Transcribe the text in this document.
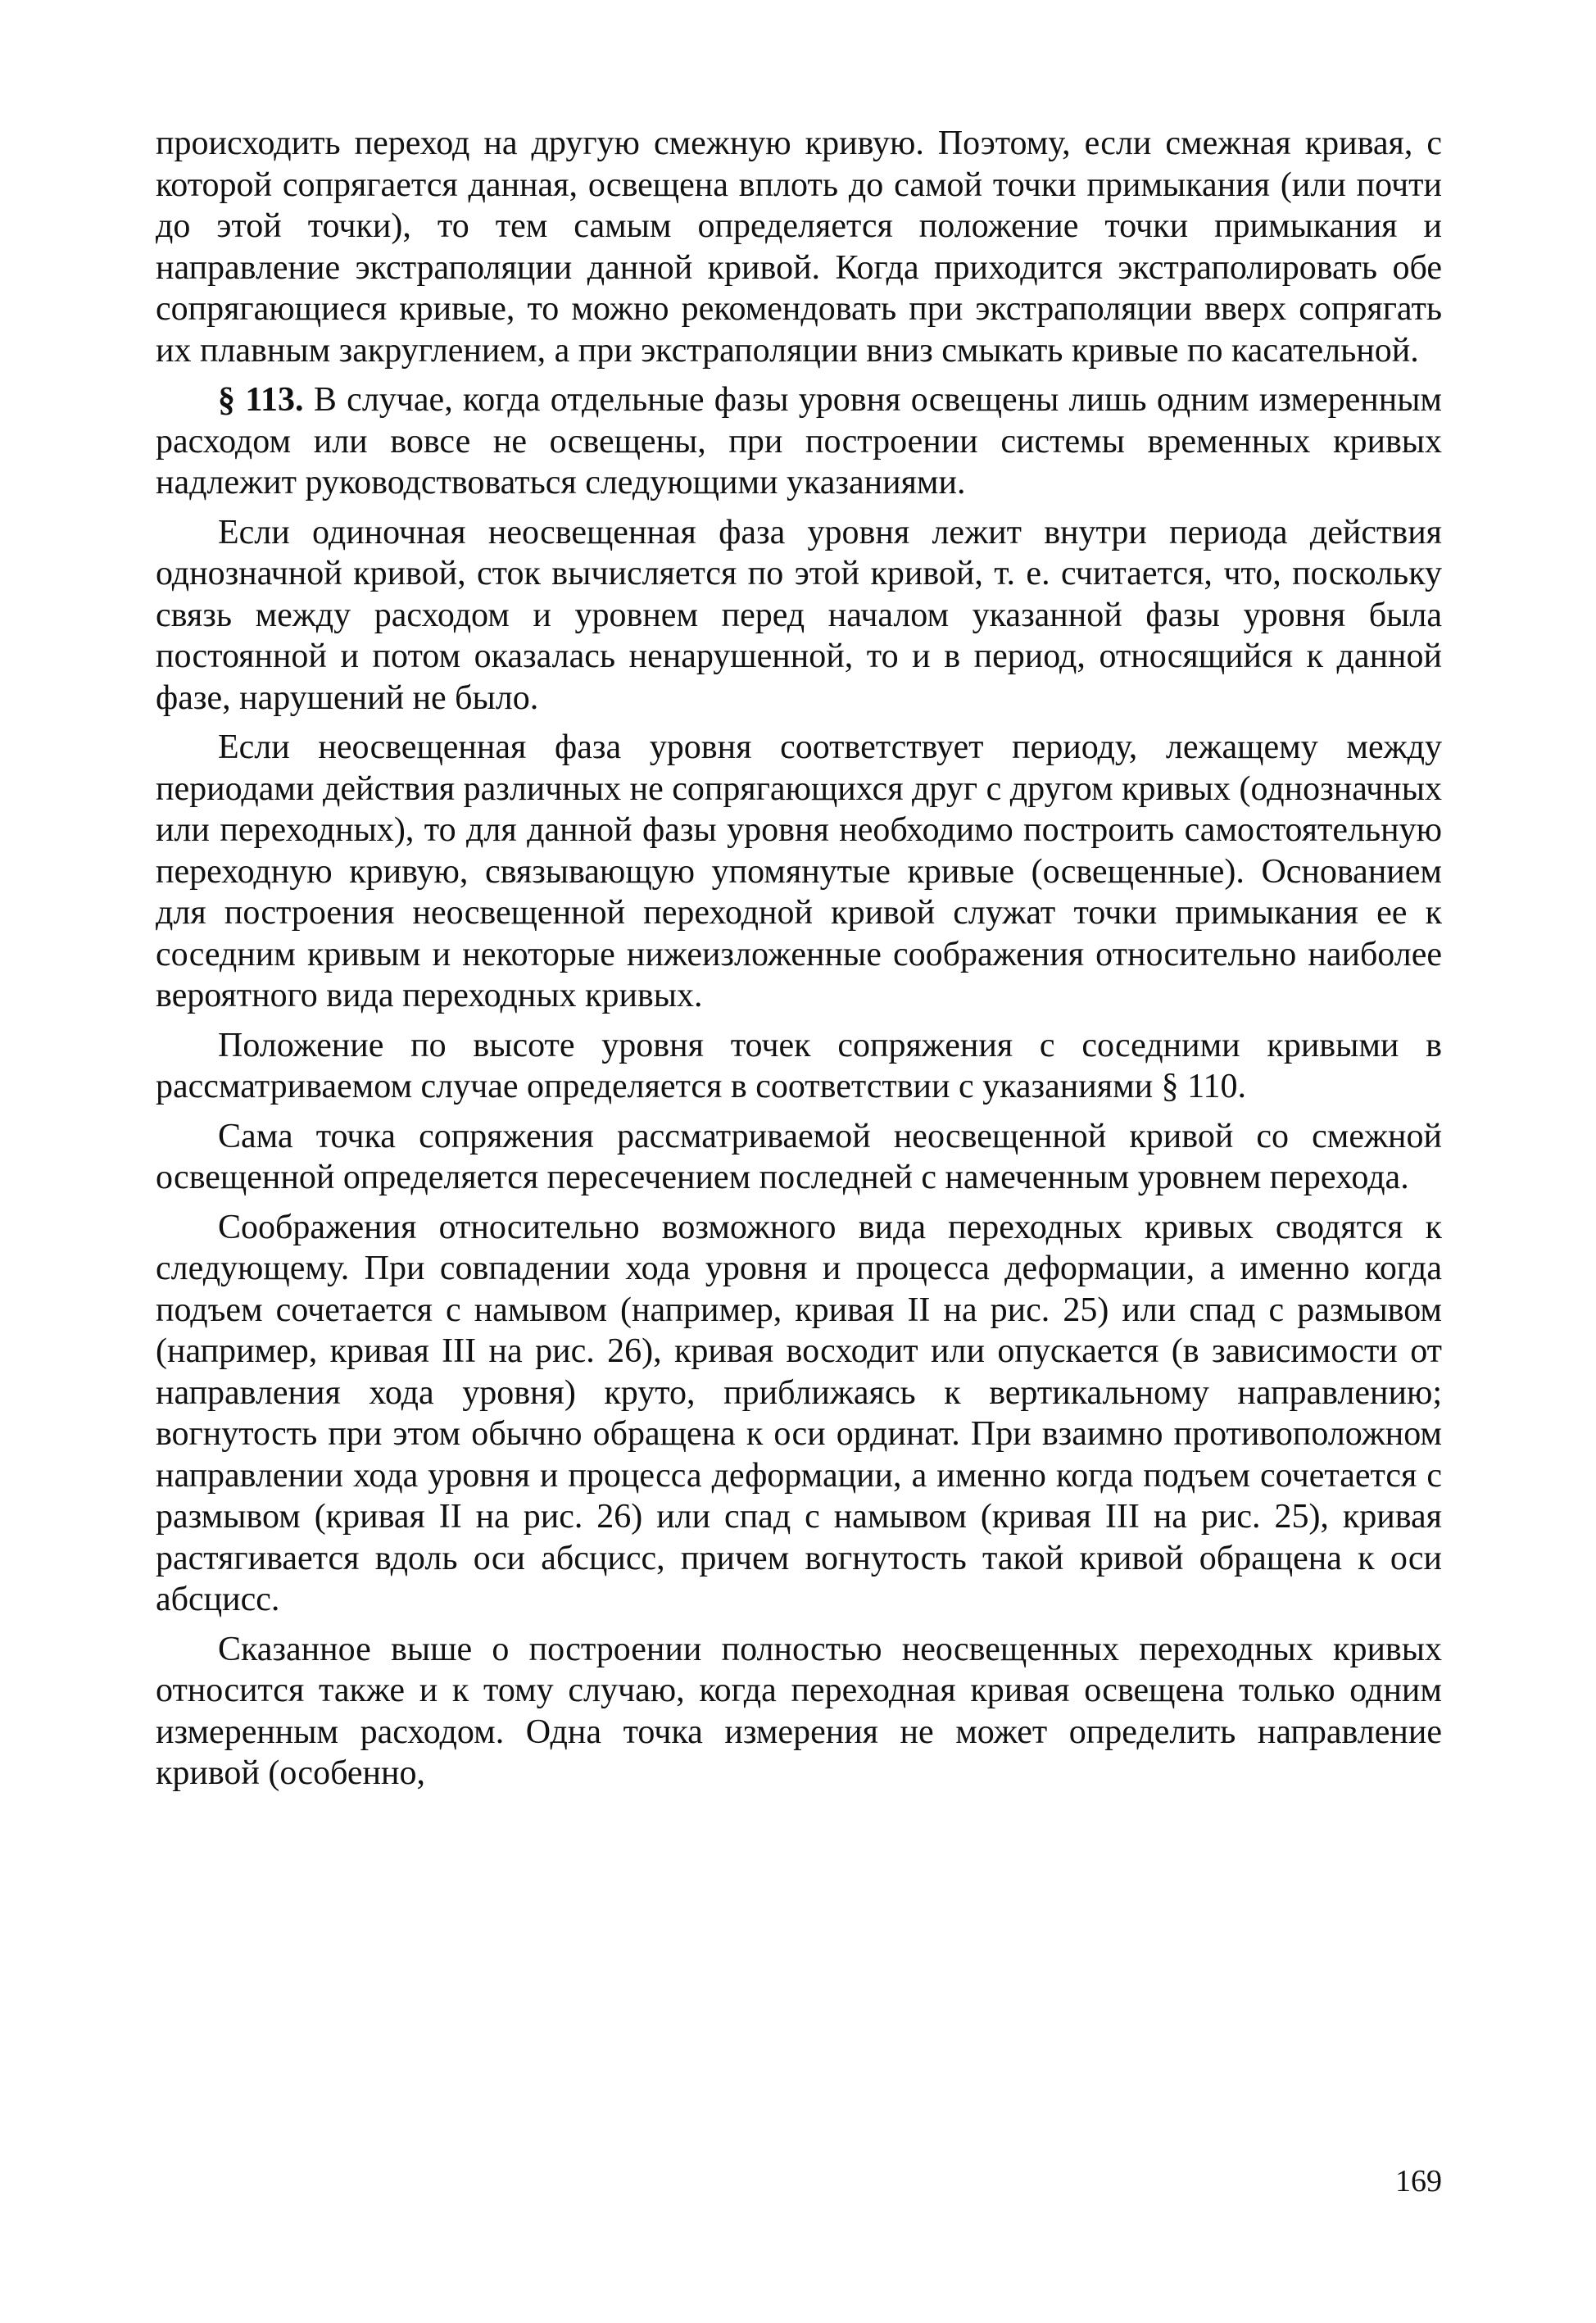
происходить переход на другую смежную кривую. Поэтому, если смежная кривая, с которой сопрягается данная, освещена вплоть до самой точки примыкания (или почти до этой точки), то тем самым определяется положение точки примыкания и направление экстраполяции данной кривой. Когда приходится экстраполировать обе сопрягающиеся кривые, то можно рекомендовать при экстраполяции вверх сопрягать их плавным закруглением, а при экстраполяции вниз смыкать кривые по касательной.

§ 113. В случае, когда отдельные фазы уровня освещены лишь одним измеренным расходом или вовсе не освещены, при построении системы временных кривых надлежит руководствоваться следующими указаниями.

Если одиночная неосвещенная фаза уровня лежит внутри периода действия однозначной кривой, сток вычисляется по этой кривой, т. е. считается, что, поскольку связь между расходом и уровнем перед началом указанной фазы уровня была постоянной и потом оказалась ненарушенной, то и в период, относящийся к данной фазе, нарушений не было.

Если неосвещенная фаза уровня соответствует периоду, лежащему между периодами действия различных не сопрягающихся друг с другом кривых (однозначных или переходных), то для данной фазы уровня необходимо построить самостоятельную переходную кривую, связывающую упомянутые кривые (освещенные). Основанием для построения неосвещенной переходной кривой служат точки примыкания ее к соседним кривым и некоторые нижеизложенные соображения относительно наиболее вероятного вида переходных кривых.

Положение по высоте уровня точек сопряжения с соседними кривыми в рассматриваемом случае определяется в соответствии с указаниями § 110.

Сама точка сопряжения рассматриваемой неосвещенной кривой со смежной освещенной определяется пересечением последней с намеченным уровнем перехода.

Соображения относительно возможного вида переходных кривых сводятся к следующему. При совпадении хода уровня и процесса деформации, а именно когда подъем сочетается с намывом (например, кривая II на рис. 25) или спад с размывом (например, кривая III на рис. 26), кривая восходит или опускается (в зависимости от направления хода уровня) круто, приближаясь к вертикальному направлению; вогнутость при этом обычно обращена к оси ординат. При взаимно противоположном направлении хода уровня и процесса деформации, а именно когда подъем сочетается с размывом (кривая II на рис. 26) или спад с намывом (кривая III на рис. 25), кривая растягивается вдоль оси абсцисс, причем вогнутость такой кривой обращена к оси абсцисс.

Сказанное выше о построении полностью неосвещенных переходных кривых относится также и к тому случаю, когда переходная кривая освещена только одним измеренным расходом. Одна точка измерения не может определить направление кривой (особенно,

169
